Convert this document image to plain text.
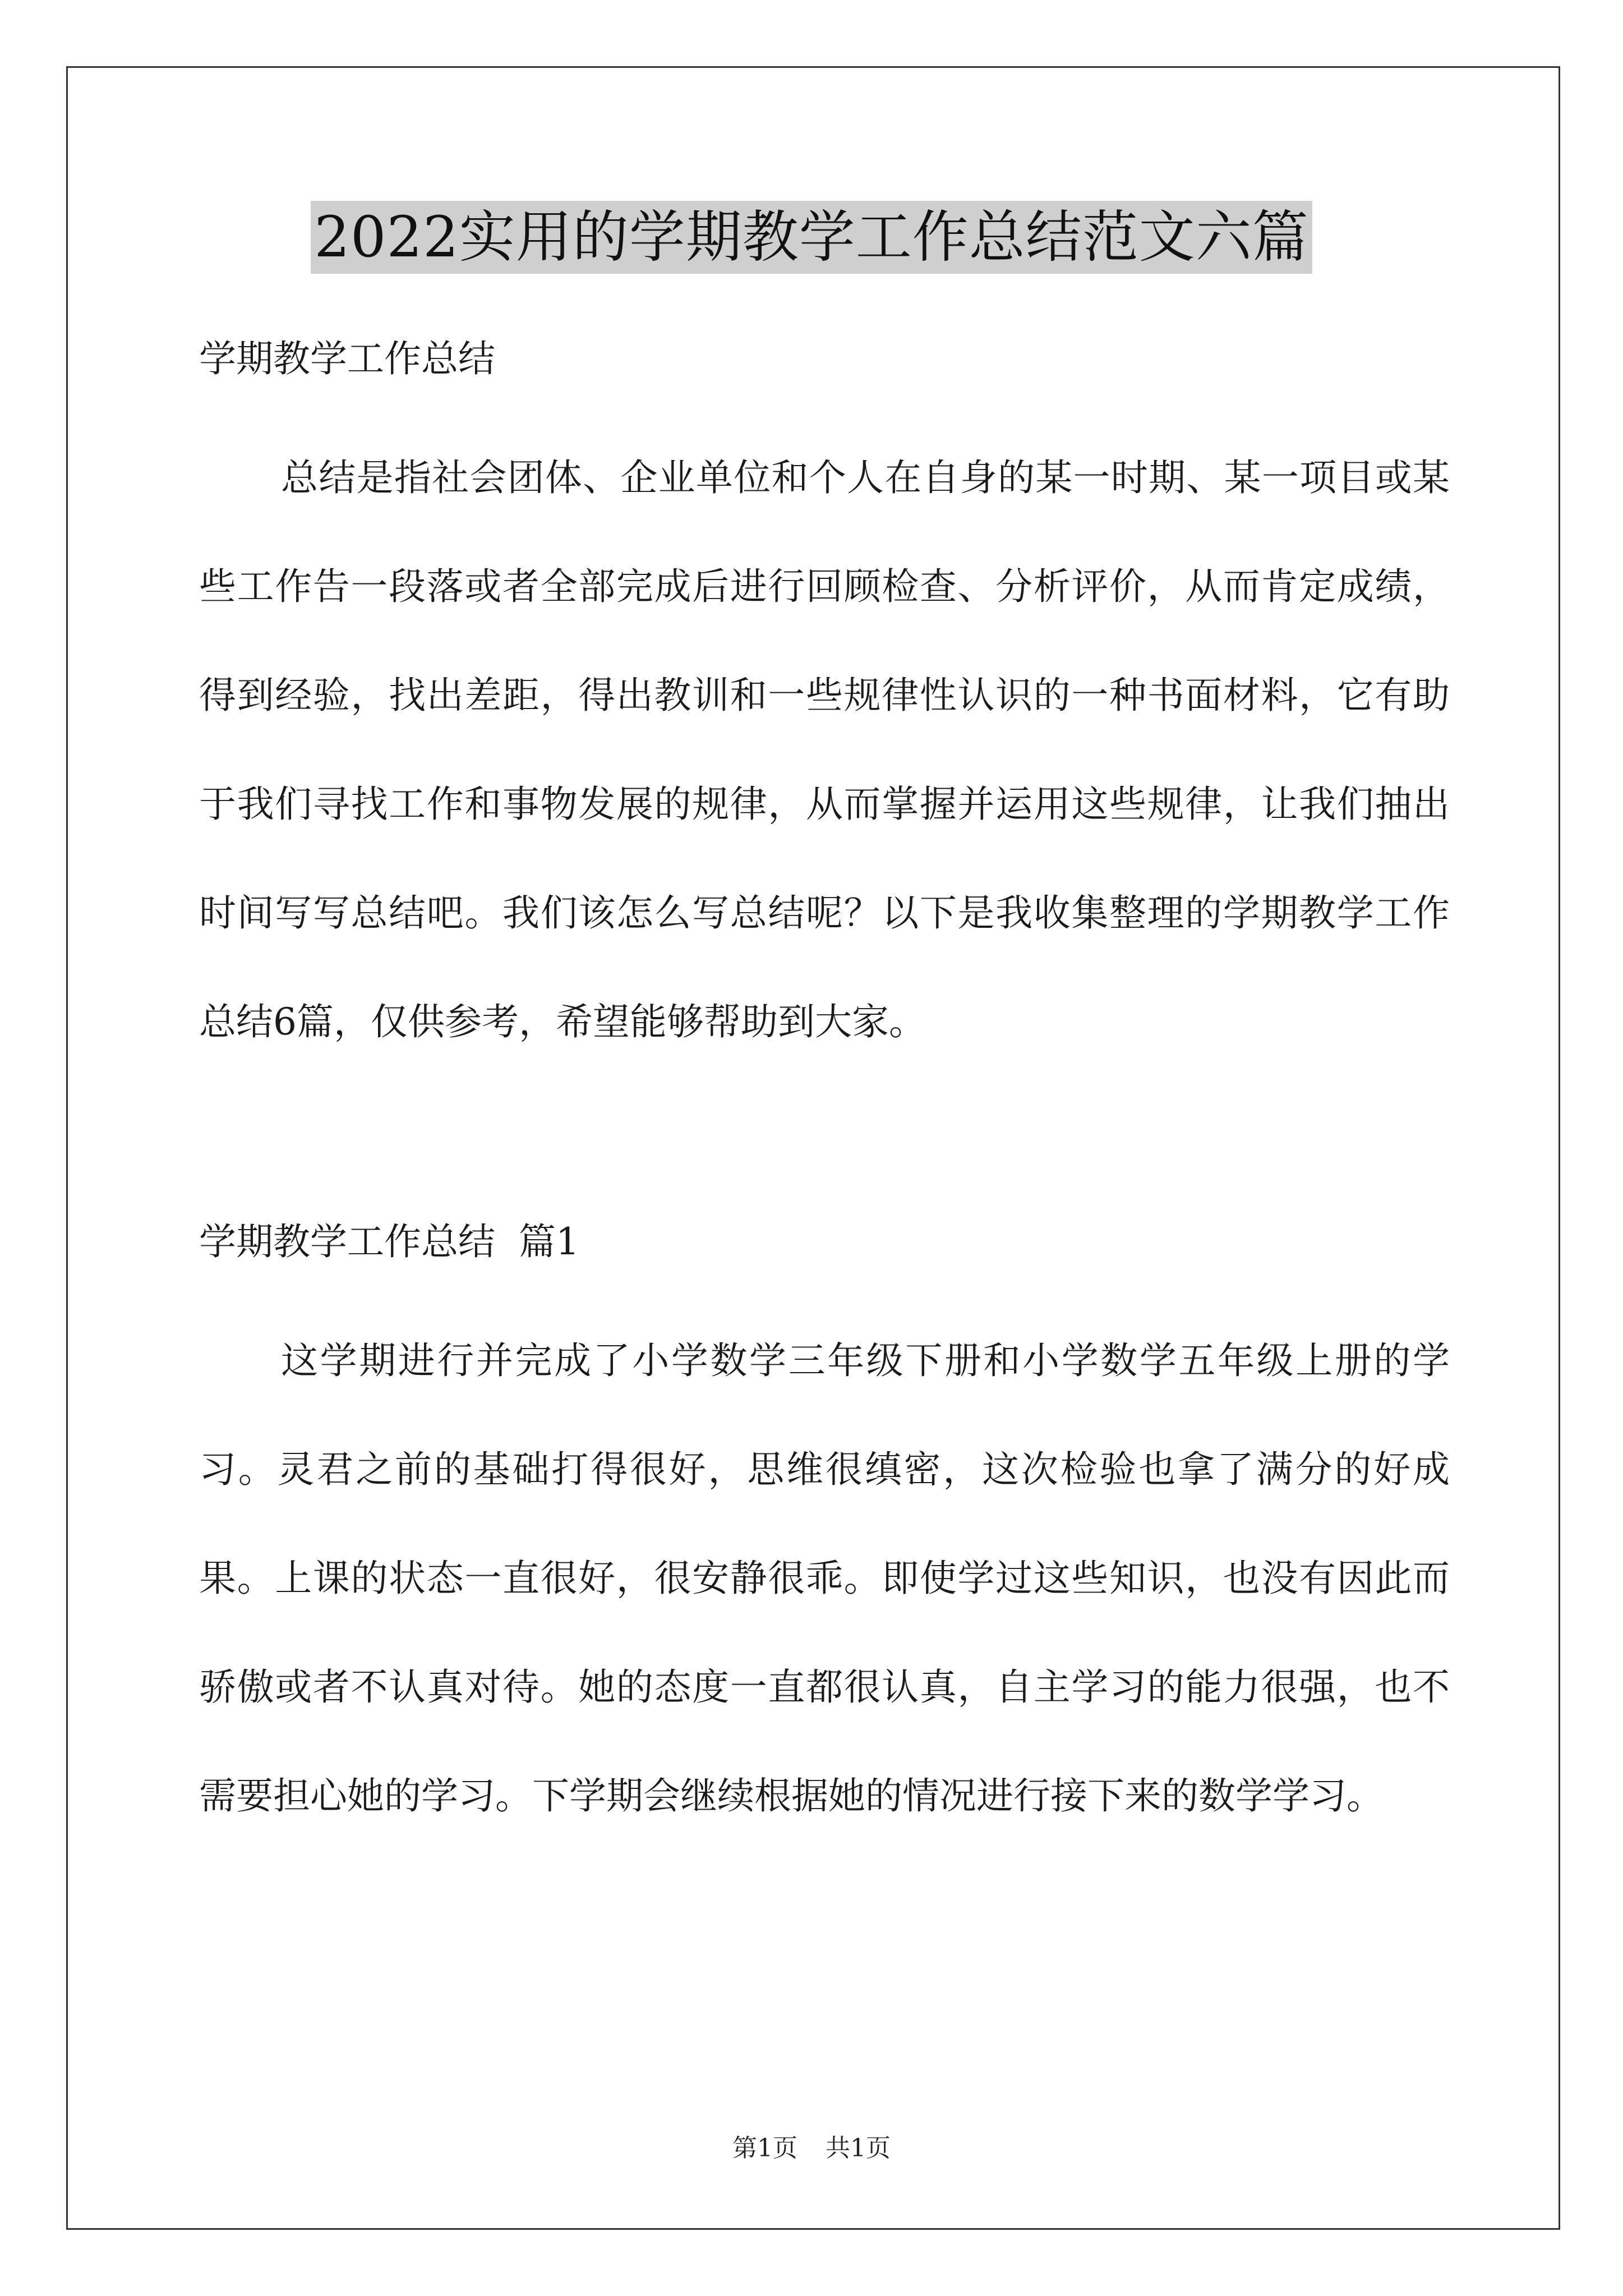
2022实用的学期教学工作总结范文六篇

学期教学工作总结

总结是指社会团体、企业单位和个人在自身的某一时期、某一项目或某些工作告一段落或者全部完成后进行回顾检查、分析评价，从而肯定成绩，得到经验，找出差距，得出教训和一些规律性认识的一种书面材料，它有助于我们寻找工作和事物发展的规律，从而掌握并运用这些规律，让我们抽出时间写写总结吧。我们该怎么写总结呢？以下是我收集整理的学期教学工作总结6篇，仅供参考，希望能够帮助到大家。

学期教学工作总结  篇1

这学期进行并完成了小学数学三年级下册和小学数学五年级上册的学习。灵君之前的基础打得很好，思维很缜密，这次检验也拿了满分的好成果。上课的状态一直很好，很安静很乖。即使学过这些知识，也没有因此而骄傲或者不认真对待。她的态度一直都很认真，自主学习的能力很强，也不需要担心她的学习。下学期会继续根据她的情况进行接下来的数学学习。

第1页 共1页
